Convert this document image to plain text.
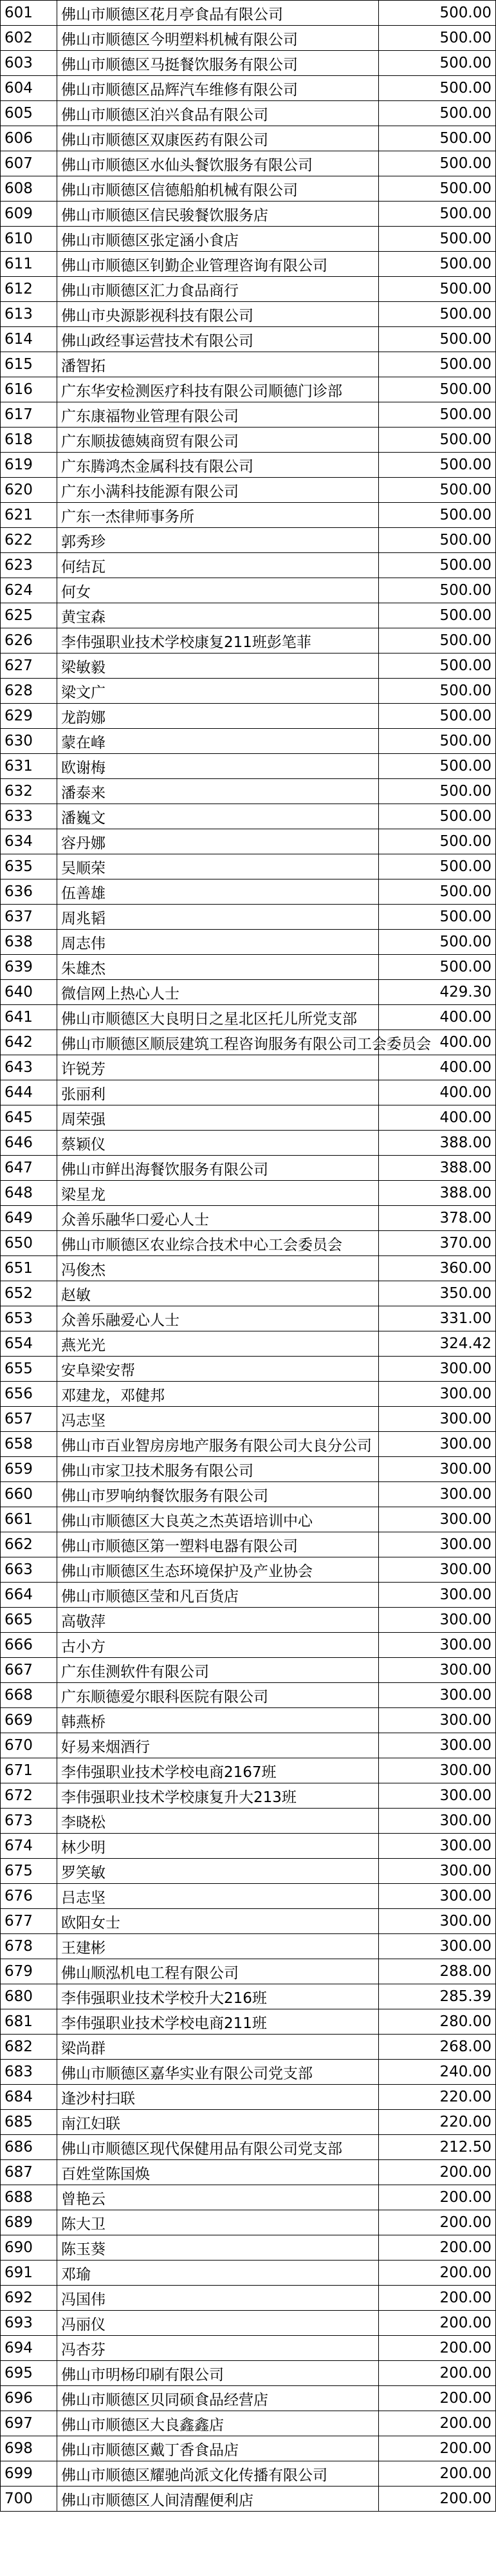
601	佛山市顺德区花月亭食品有限公司	500.00
602	佛山市顺德区今明塑料机械有限公司	500.00
603	佛山市顺德区马挺餐饮服务有限公司	500.00
604	佛山市顺德区品辉汽车维修有限公司	500.00
605	佛山市顺德区泊兴食品有限公司	500.00
606	佛山市顺德区双康医药有限公司	500.00
607	佛山市顺德区水仙头餐饮服务有限公司	500.00
608	佛山市顺德区信德船舶机械有限公司	500.00
609	佛山市顺德区信民骏餐饮服务店	500.00
610	佛山市顺德区张定涵小食店	500.00
611	佛山市顺德区钊勤企业管理咨询有限公司	500.00
612	佛山市顺德区汇力食品商行	500.00
613	佛山市央源影视科技有限公司	500.00
614	佛山政经事运营技术有限公司	500.00
615	潘智拓	500.00
616	广东华安检测医疗科技有限公司顺德门诊部	500.00
617	广东康福物业管理有限公司	500.00
618	广东顺拔德姨商贸有限公司	500.00
619	广东腾鸿杰金属科技有限公司	500.00
620	广东小满科技能源有限公司	500.00
621	广东一杰律师事务所	500.00
622	郭秀珍	500.00
623	何结瓦	500.00
624	何女	500.00
625	黄宝森	500.00
626	李伟强职业技术学校康复211班彭笔菲	500.00
627	梁敏毅	500.00
628	梁文广	500.00
629	龙韵娜	500.00
630	蒙在峰	500.00
631	欧谢梅	500.00
632	潘泰来	500.00
633	潘巍文	500.00
634	容丹娜	500.00
635	吴顺荣	500.00
636	伍善雄	500.00
637	周兆韬	500.00
638	周志伟	500.00
639	朱雄杰	500.00
640	微信网上热心人士	429.30
641	佛山市顺德区大良明日之星北区托儿所党支部	400.00
642	佛山市顺德区顺辰建筑工程咨询服务有限公司工会委员会	400.00
643	许锐芳	400.00
644	张丽利	400.00
645	周荣强	400.00
646	蔡颖仪	388.00
647	佛山市鲜出海餐饮服务有限公司	388.00
648	梁星龙	388.00
649	众善乐融华口爱心人士	378.00
650	佛山市顺德区农业综合技术中心工会委员会	370.00
651	冯俊杰	360.00
652	赵敏	350.00
653	众善乐融爱心人士	331.00
654	燕光光	324.42
655	安阜梁安帮	300.00
656	邓建龙，邓健邦	300.00
657	冯志坚	300.00
658	佛山市百业智房房地产服务有限公司大良分公司	300.00
659	佛山市家卫技术服务有限公司	300.00
660	佛山市罗响纳餐饮服务有限公司	300.00
661	佛山市顺德区大良英之杰英语培训中心	300.00
662	佛山市顺德区第一塑料电器有限公司	300.00
663	佛山市顺德区生态环境保护及产业协会	300.00
664	佛山市顺德区莹和凡百货店	300.00
665	高敬萍	300.00
666	古小方	300.00
667	广东佳测软件有限公司	300.00
668	广东顺德爱尔眼科医院有限公司	300.00
669	韩燕桥	300.00
670	好易来烟酒行	300.00
671	李伟强职业技术学校电商2167班	300.00
672	李伟强职业技术学校康复升大213班	300.00
673	李晓松	300.00
674	林少明	300.00
675	罗笑敏	300.00
676	吕志坚	300.00
677	欧阳女士	300.00
678	王建彬	300.00
679	佛山顺泓机电工程有限公司	288.00
680	李伟强职业技术学校升大216班	285.39
681	李伟强职业技术学校电商211班	280.00
682	梁尚群	268.00
683	佛山市顺德区嘉华实业有限公司党支部	240.00
684	逢沙村扫联	220.00
685	南江妇联	220.00
686	佛山市顺德区现代保健用品有限公司党支部	212.50
687	百姓堂陈国焕	200.00
688	曾艳云	200.00
689	陈大卫	200.00
690	陈玉葵	200.00
691	邓瑜	200.00
692	冯国伟	200.00
693	冯丽仪	200.00
694	冯杏芬	200.00
695	佛山市明杨印刷有限公司	200.00
696	佛山市顺德区贝同硕食品经营店	200.00
697	佛山市顺德区大良鑫鑫店	200.00
698	佛山市顺德区戴丁香食品店	200.00
699	佛山市顺德区耀驰尚派文化传播有限公司	200.00
700	佛山市顺德区人间清醒便利店	200.00
